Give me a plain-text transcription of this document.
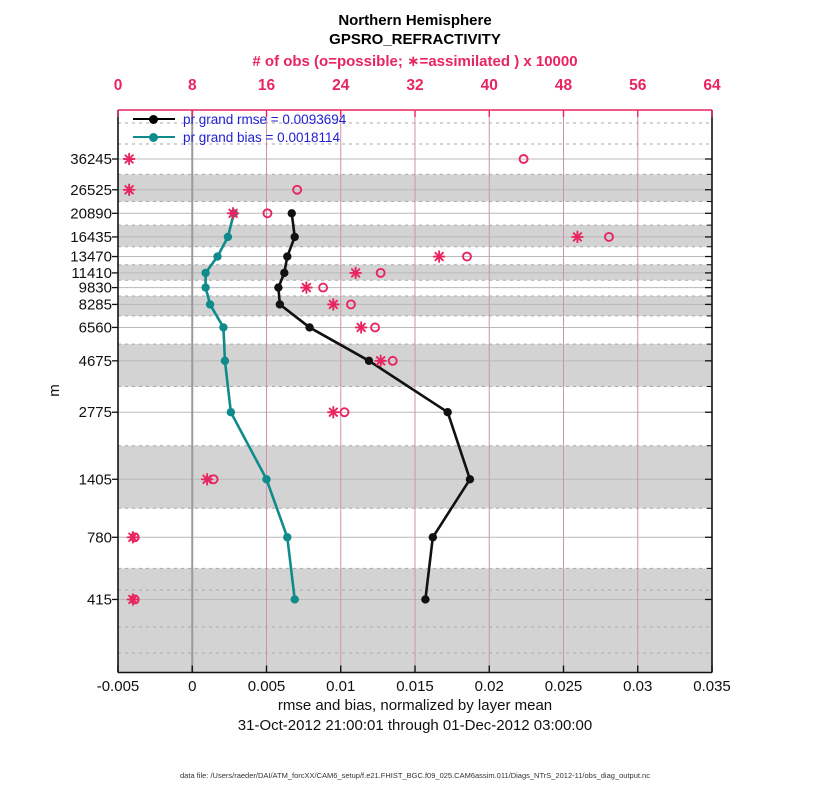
Northern Hemisphere
GPSRO_REFRACTIVITY
# of obs (o=possible; ∗=assimilated ) x 10000
0	8	16	24	32	40	48	56	64
-0.005	0	0.005	0.01	0.015	0.02	0.025	0.03	0.035
36245
26525
20890
16435
13470
11410
9830
8285
6560
4675
2775
1405
780
415
pr grand rmse = 0.0093694
pr grand bias = 0.0018114
m
rmse and bias, normalized by layer mean
31-Oct-2012 21:00:01 through 01-Dec-2012 03:00:00
data file: /Users/raeder/DAI/ATM_forcXX/CAM6_setup/f.e21.FHIST_BGC.f09_025.CAM6assim.011/Diags_NTrS_2012-11/obs_diag_output.nc
